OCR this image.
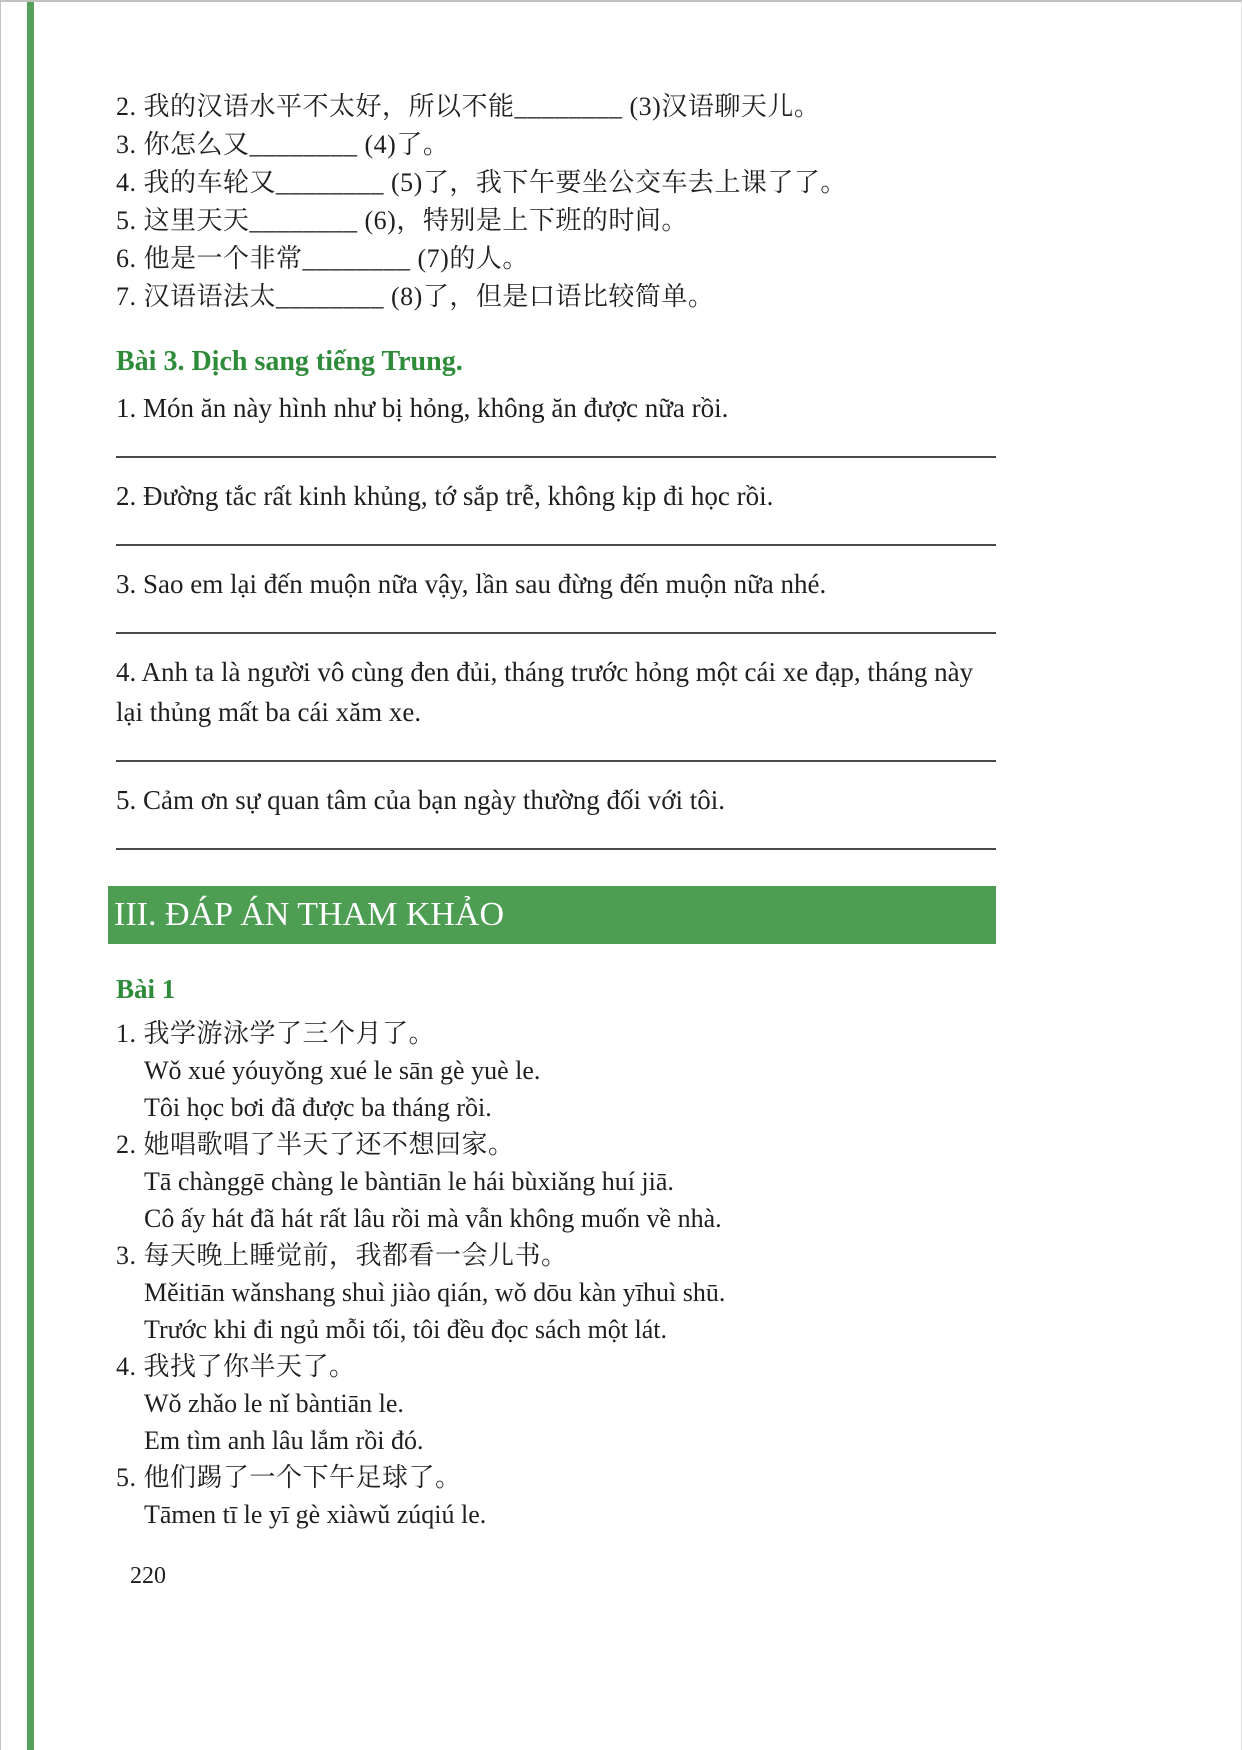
2. 我的汉语水平不太好，所以不能________ (3)汉语聊天儿。
3. 你怎么又________ (4)了。
4. 我的车轮又________ (5)了，我下午要坐公交车去上课了了。
5. 这里天天________ (6)，特别是上下班的时间。
6. 他是一个非常________ (7)的人。
7. 汉语语法太________ (8)了，但是口语比较简单。
Bài 3. Dịch sang tiếng Trung.

1. Món ăn này hình như bị hỏng, không ăn được nữa rồi.

2. Đường tắc rất kinh khủng, tớ sắp trễ, không kịp đi học rồi.

3. Sao em lại đến muộn nữa vậy, lần sau đừng đến muộn nữa nhé.

4. Anh ta là người vô cùng đen đủi, tháng trước hỏng một cái xe đạp, tháng này lại thủng mất ba cái xăm xe.

5. Cảm ơn sự quan tâm của bạn ngày thường đối với tôi.

III. ĐÁP ÁN THAM KHẢO
Bài 1

1. 我学游泳学了三个月了。

Wǒ xué yóuyǒng xué le sān gè yuè le.

Tôi học bơi đã được ba tháng rồi.

2. 她唱歌唱了半天了还不想回家。

Tā chànggē chàng le bàntiān le hái bùxiǎng huí jiā.

Cô ấy hát đã hát rất lâu rồi mà vẫn không muốn về nhà.

3. 每天晚上睡觉前，我都看一会儿书。

Měitiān wǎnshang shuì jiào qián, wǒ dōu kàn yīhuì shū.

Trước khi đi ngủ mỗi tối, tôi đều đọc sách một lát.

4. 我找了你半天了。

Wǒ zhǎo le nǐ bàntiān le.

Em tìm anh lâu lắm rồi đó.

5. 他们踢了一个下午足球了。

Tāmen tī le yī gè xiàwǔ zúqiú le.

220
